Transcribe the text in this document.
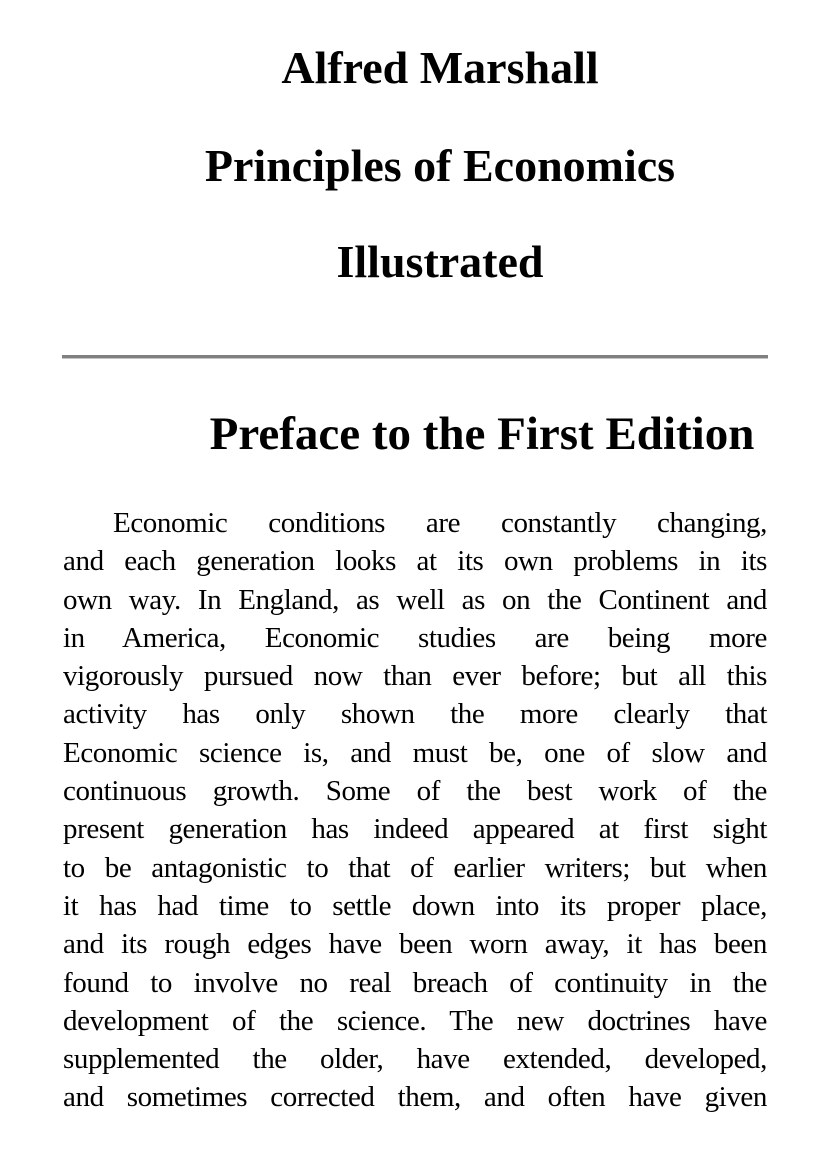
Alfred Marshall
Principles of Economics
Illustrated
Preface to the First Edition
Economic conditions are constantly changing,
and each generation looks at its own problems in its
own way. In England, as well as on the Continent and
in America, Economic studies are being more
vigorously pursued now than ever before; but all this
activity has only shown the more clearly that
Economic science is, and must be, one of slow and
continuous growth. Some of the best work of the
present generation has indeed appeared at first sight
to be antagonistic to that of earlier writers; but when
it has had time to settle down into its proper place,
and its rough edges have been worn away, it has been
found to involve no real breach of continuity in the
development of the science. The new doctrines have
supplemented the older, have extended, developed,
and sometimes corrected them, and often have given
